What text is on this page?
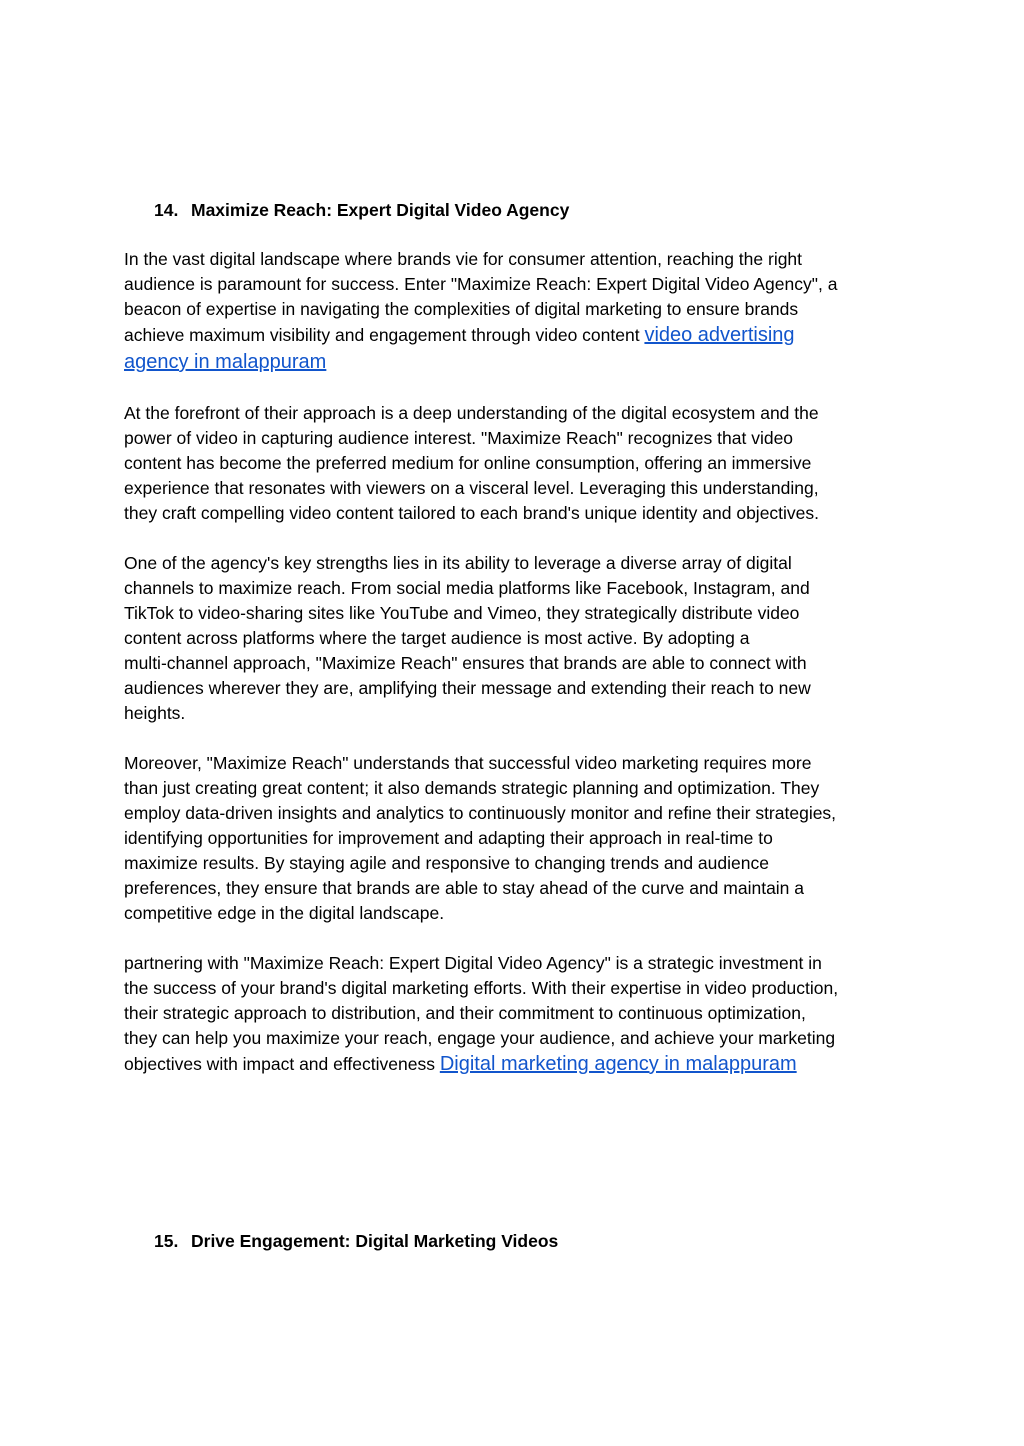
14. Maximize Reach: Expert Digital Video Agency

In the vast digital landscape where brands vie for consumer attention, reaching the right
audience is paramount for success. Enter "Maximize Reach: Expert Digital Video Agency", a
beacon of expertise in navigating the complexities of digital marketing to ensure brands
achieve maximum visibility and engagement through video content video advertising
agency in malappuram

At the forefront of their approach is a deep understanding of the digital ecosystem and the
power of video in capturing audience interest. "Maximize Reach" recognizes that video
content has become the preferred medium for online consumption, offering an immersive
experience that resonates with viewers on a visceral level. Leveraging this understanding,
they craft compelling video content tailored to each brand's unique identity and objectives.

One of the agency's key strengths lies in its ability to leverage a diverse array of digital
channels to maximize reach. From social media platforms like Facebook, Instagram, and
TikTok to video-sharing sites like YouTube and Vimeo, they strategically distribute video
content across platforms where the target audience is most active. By adopting a
multi-channel approach, "Maximize Reach" ensures that brands are able to connect with
audiences wherever they are, amplifying their message and extending their reach to new
heights.

Moreover, "Maximize Reach" understands that successful video marketing requires more
than just creating great content; it also demands strategic planning and optimization. They
employ data-driven insights and analytics to continuously monitor and refine their strategies,
identifying opportunities for improvement and adapting their approach in real-time to
maximize results. By staying agile and responsive to changing trends and audience
preferences, they ensure that brands are able to stay ahead of the curve and maintain a
competitive edge in the digital landscape.

partnering with "Maximize Reach: Expert Digital Video Agency" is a strategic investment in
the success of your brand's digital marketing efforts. With their expertise in video production,
their strategic approach to distribution, and their commitment to continuous optimization,
they can help you maximize your reach, engage your audience, and achieve your marketing
objectives with impact and effectiveness Digital marketing agency in malappuram

15. Drive Engagement: Digital Marketing Videos
